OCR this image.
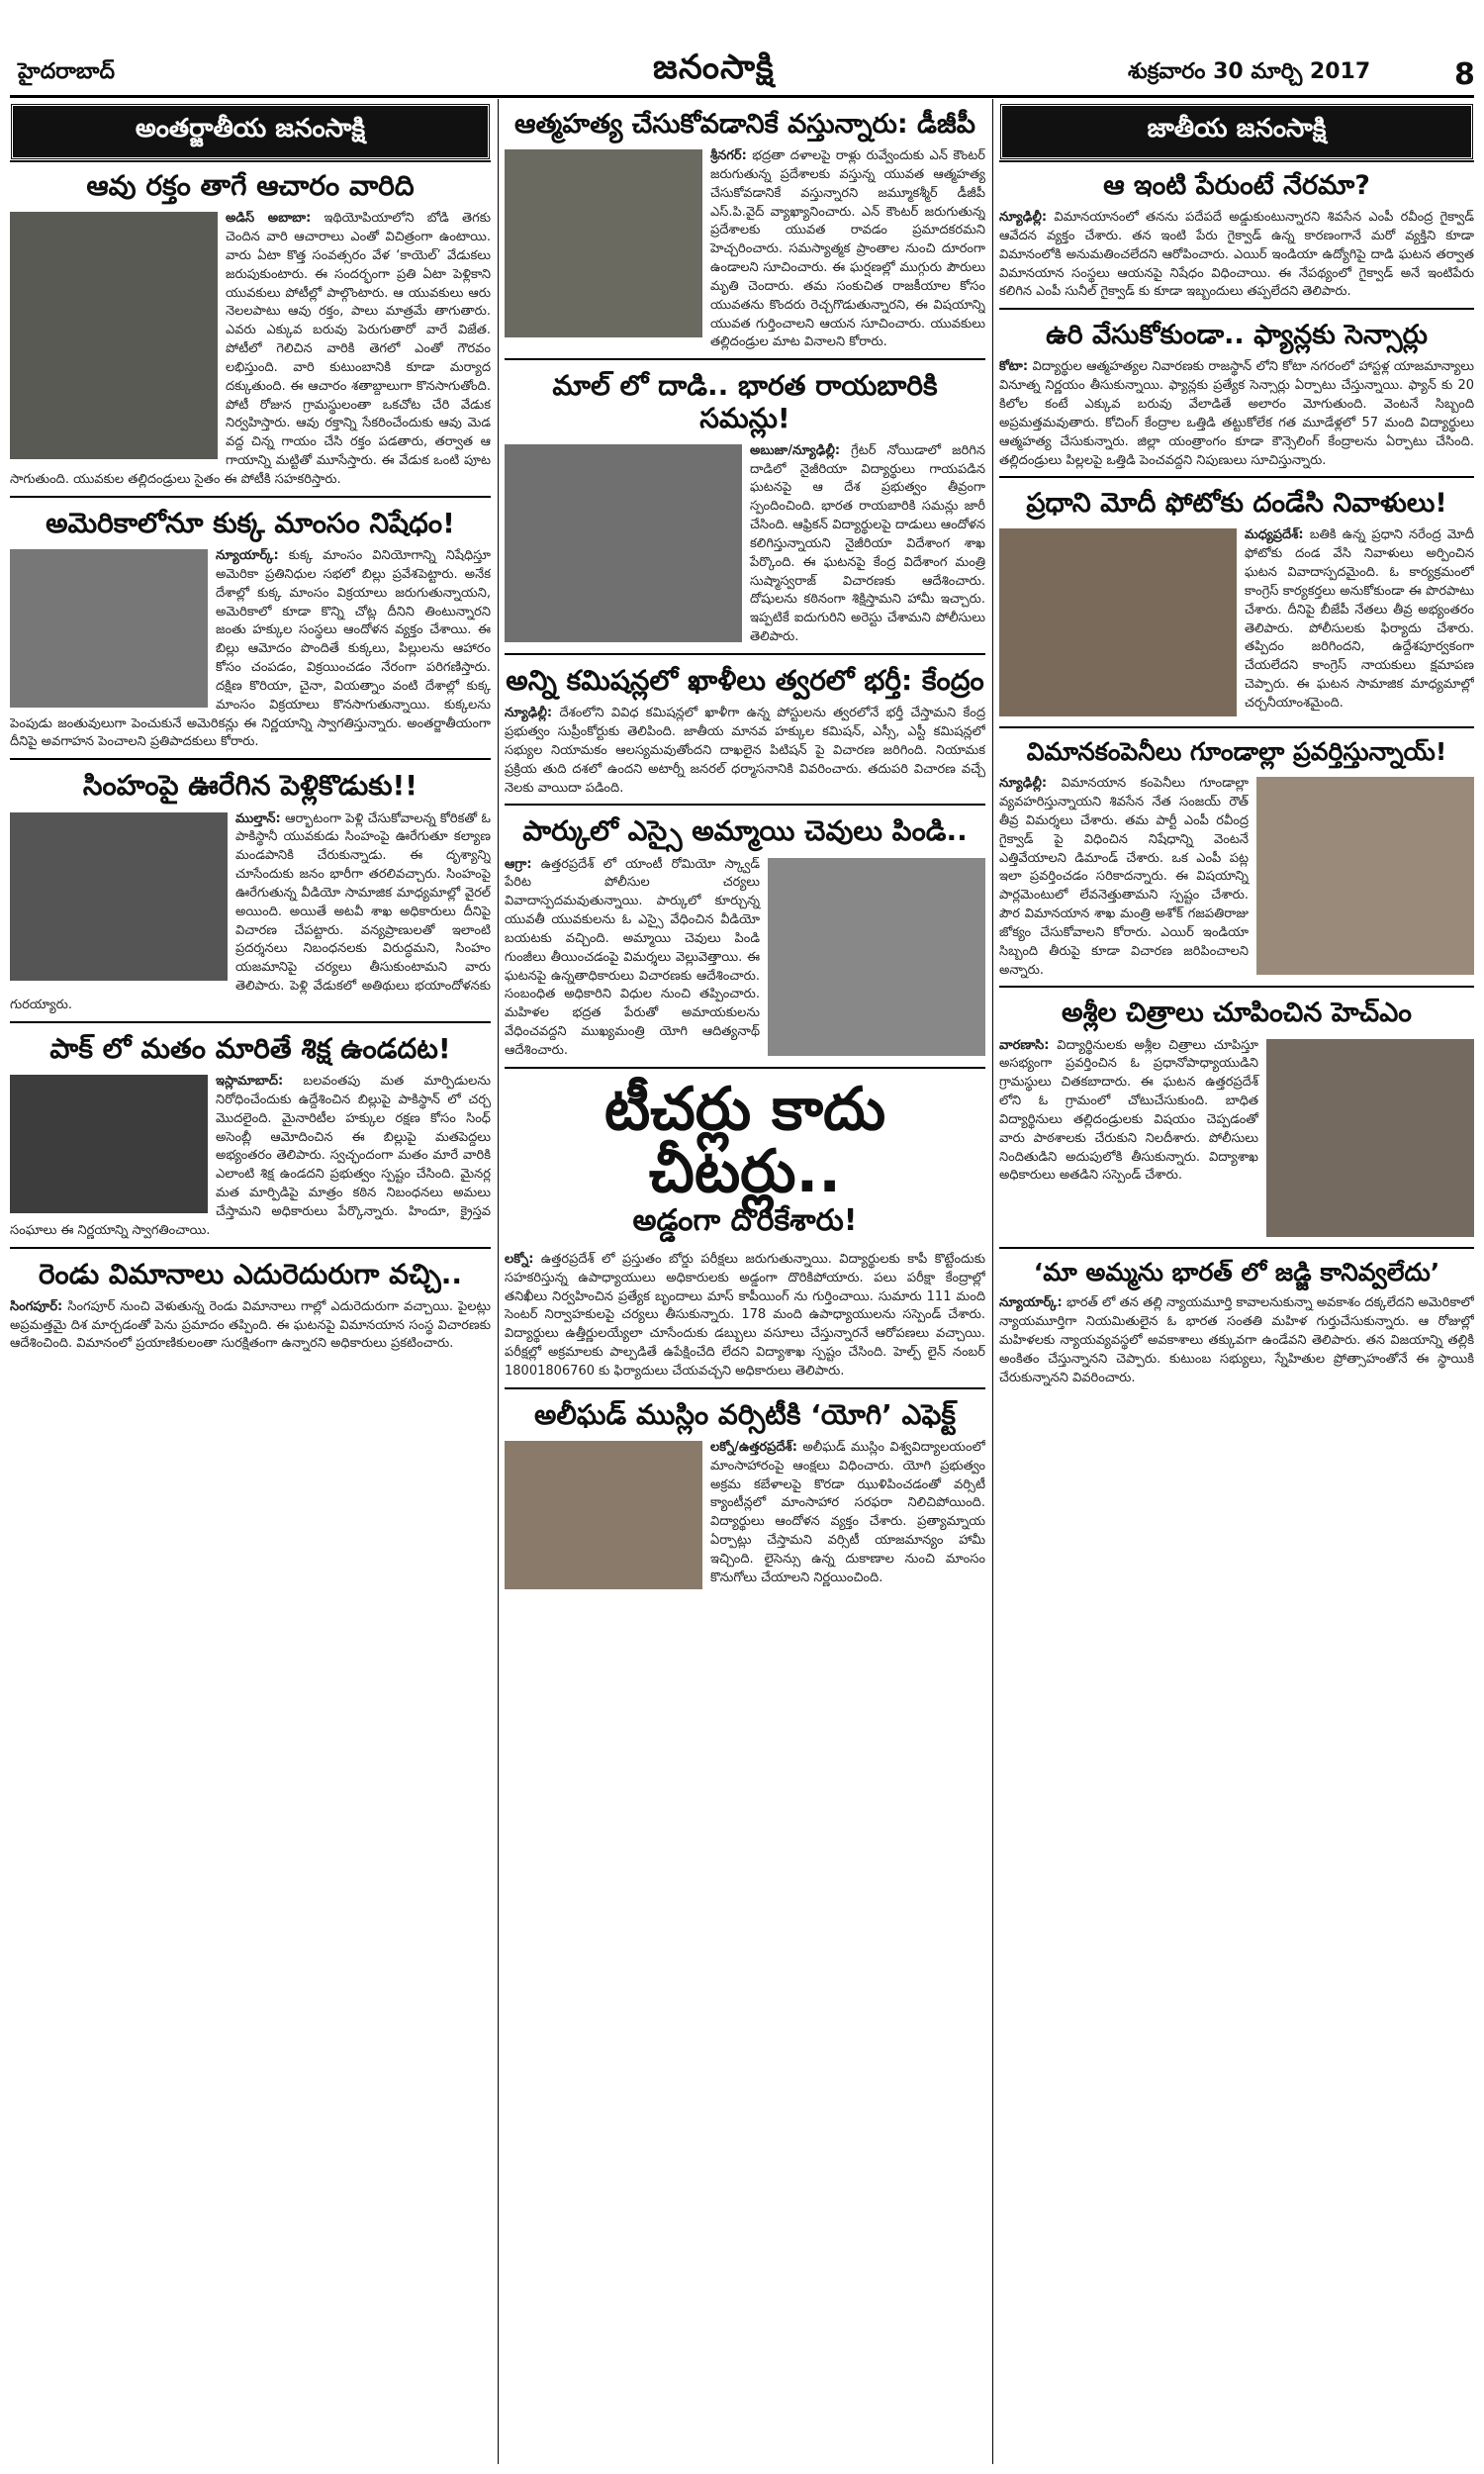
హైదరాబాద్	జనంసాక్షి	శుక్రవారం 30 మార్చి 2017	8
అంతర్జాతీయ జనంసాక్షి
ఆవు రక్తం తాగే ఆచారం వారిది

అడిస్ అబాబా: ఇథియోపియాలోని బోడి తెగకు చెందిన వారి ఆచారాలు ఎంతో విచిత్రంగా ఉంటాయి. వారు ఏటా కొత్త సంవత్సరం వేళ ‘కాయెల్’ వేడుకలు జరుపుకుంటారు. ఈ సందర్భంగా ప్రతి ఏటా పెళ్లికాని యువకులు పోటీల్లో పాల్గొంటారు. ఆ యువకులు ఆరు నెలలపాటు ఆవు రక్తం, పాలు మాత్రమే తాగుతారు. ఎవరు ఎక్కువ బరువు పెరుగుతారో వారే విజేత. పోటీలో గెలిచిన వారికి తెగలో ఎంతో గౌరవం లభిస్తుంది. వారి కుటుంబానికి కూడా మర్యాద దక్కుతుంది. ఈ ఆచారం శతాబ్దాలుగా కొనసాగుతోంది. పోటీ రోజున గ్రామస్థులంతా ఒకచోట చేరి వేడుక నిర్వహిస్తారు. ఆవు రక్తాన్ని సేకరించేందుకు ఆవు మెడ వద్ద చిన్న గాయం చేసి రక్తం పడతారు, తర్వాత ఆ గాయాన్ని మట్టితో మూసేస్తారు. ఈ వేడుక ఒంటి పూట సాగుతుంది. యువకుల తల్లిదండ్రులు సైతం ఈ పోటీకి సహకరిస్తారు.

అమెరికాలోనూ కుక్క మాంసం నిషేధం!

న్యూయార్క్: కుక్క మాంసం వినియోగాన్ని నిషేధిస్తూ అమెరికా ప్రతినిధుల సభలో బిల్లు ప్రవేశపెట్టారు. అనేక దేశాల్లో కుక్క మాంసం విక్రయాలు జరుగుతున్నాయని, అమెరికాలో కూడా కొన్ని చోట్ల దీనిని తింటున్నారని జంతు హక్కుల సంస్థలు ఆందోళన వ్యక్తం చేశాయి. ఈ బిల్లు ఆమోదం పొందితే కుక్కలు, పిల్లులను ఆహారం కోసం చంపడం, విక్రయించడం నేరంగా పరిగణిస్తారు. దక్షిణ కొరియా, చైనా, వియత్నాం వంటి దేశాల్లో కుక్క మాంసం విక్రయాలు కొనసాగుతున్నాయి. కుక్కలను పెంపుడు జంతువులుగా పెంచుకునే అమెరికన్లు ఈ నిర్ణయాన్ని స్వాగతిస్తున్నారు. అంతర్జాతీయంగా దీనిపై అవగాహన పెంచాలని ప్రతిపాదకులు కోరారు.

సింహంపై ఊరేగిన పెళ్లికొడుకు!!

ముల్తాన్: ఆర్భాటంగా పెళ్లి చేసుకోవాలన్న కోరికతో ఓ పాకిస్థానీ యువకుడు సింహంపై ఊరేగుతూ కల్యాణ మండపానికి చేరుకున్నాడు. ఈ దృశ్యాన్ని చూసేందుకు జనం భారీగా తరలివచ్చారు. సింహంపై ఊరేగుతున్న వీడియో సామాజిక మాధ్యమాల్లో వైరల్ అయింది. అయితే అటవీ శాఖ అధికారులు దీనిపై విచారణ చేపట్టారు. వన్యప్రాణులతో ఇలాంటి ప్రదర్శనలు నిబంధనలకు విరుద్ధమని, సింహం యజమానిపై చర్యలు తీసుకుంటామని వారు తెలిపారు. పెళ్లి వేడుకలో అతిథులు భయాందోళనకు గురయ్యారు.

పాక్ లో మతం మారితే శిక్ష ఉండదట!

ఇస్లామాబాద్: బలవంతపు మత మార్పిడులను నిరోధించేందుకు ఉద్దేశించిన బిల్లుపై పాకిస్థాన్ లో చర్చ మొదలైంది. మైనారిటీల హక్కుల రక్షణ కోసం సింధ్ అసెంబ్లీ ఆమోదించిన ఈ బిల్లుపై మతపెద్దలు అభ్యంతరం తెలిపారు. స్వచ్ఛందంగా మతం మారే వారికి ఎలాంటి శిక్ష ఉండదని ప్రభుత్వం స్పష్టం చేసింది. మైనర్ల మత మార్పిడిపై మాత్రం కఠిన నిబంధనలు అమలు చేస్తామని అధికారులు పేర్కొన్నారు. హిందూ, క్రైస్తవ సంఘాలు ఈ నిర్ణయాన్ని స్వాగతించాయి.

రెండు విమానాలు ఎదురెదురుగా వచ్చి..

సింగపూర్: సింగపూర్ నుంచి వెళుతున్న రెండు విమానాలు గాల్లో ఎదురెదురుగా వచ్చాయి. పైలట్లు అప్రమత్తమై దిశ మార్చడంతో పెను ప్రమాదం తప్పింది. ఈ ఘటనపై విమానయాన సంస్థ విచారణకు ఆదేశించింది. విమానంలో ప్రయాణికులంతా సురక్షితంగా ఉన్నారని అధికారులు ప్రకటించారు.

ఆత్మహత్య చేసుకోవడానికే వస్తున్నారు: డీజీపీ

శ్రీనగర్: భద్రతా దళాలపై రాళ్లు రువ్వేందుకు ఎన్ కౌంటర్ జరుగుతున్న ప్రదేశాలకు వస్తున్న యువత ఆత్మహత్య చేసుకోవడానికే వస్తున్నారని జమ్మూకశ్మీర్ డీజీపీ ఎస్.పి.వైద్ వ్యాఖ్యానించారు. ఎన్ కౌంటర్ జరుగుతున్న ప్రదేశాలకు యువత రావడం ప్రమాదకరమని హెచ్చరించారు. సమస్యాత్మక ప్రాంతాల నుంచి దూరంగా ఉండాలని సూచించారు. ఈ ఘర్షణల్లో ముగ్గురు పౌరులు మృతి చెందారు. తమ సంకుచిత రాజకీయాల కోసం యువతను కొందరు రెచ్చగొడుతున్నారని, ఈ విషయాన్ని యువత గుర్తించాలని ఆయన సూచించారు. యువకులు తల్లిదండ్రుల మాట వినాలని కోరారు.

మాల్ లో దాడి.. భారత రాయబారికి సమన్లు!

అబుజా/న్యూఢిల్లీ: గ్రేటర్ నోయిడాలో జరిగిన దాడిలో నైజీరియా విద్యార్థులు గాయపడిన ఘటనపై ఆ దేశ ప్రభుత్వం తీవ్రంగా స్పందించింది. భారత రాయబారికి సమన్లు జారీ చేసింది. ఆఫ్రికన్ విద్యార్థులపై దాడులు ఆందోళన కలిగిస్తున్నాయని నైజీరియా విదేశాంగ శాఖ పేర్కొంది. ఈ ఘటనపై కేంద్ర విదేశాంగ మంత్రి సుష్మాస్వరాజ్ విచారణకు ఆదేశించారు. దోషులను కఠినంగా శిక్షిస్తామని హామీ ఇచ్చారు. ఇప్పటికే ఐదుగురిని అరెస్టు చేశామని పోలీసులు తెలిపారు.

అన్ని కమిషన్లలో ఖాళీలు త్వరలో భర్తీ: కేంద్రం

న్యూఢిల్లీ: దేశంలోని వివిధ కమిషన్లలో ఖాళీగా ఉన్న పోస్టులను త్వరలోనే భర్తీ చేస్తామని కేంద్ర ప్రభుత్వం సుప్రీంకోర్టుకు తెలిపింది. జాతీయ మానవ హక్కుల కమిషన్, ఎస్సీ, ఎస్టీ కమిషన్లలో సభ్యుల నియామకం ఆలస్యమవుతోందని దాఖలైన పిటిషన్ పై విచారణ జరిగింది. నియామక ప్రక్రియ తుది దశలో ఉందని అటార్నీ జనరల్ ధర్మాసనానికి వివరించారు. తదుపరి విచారణ వచ్చే నెలకు వాయిదా పడింది.

పార్కులో ఎస్సై అమ్మాయి చెవులు పిండి..

ఆగ్రా: ఉత్తరప్రదేశ్ లో యాంటీ రోమియో స్క్వాడ్ పేరిట పోలీసుల చర్యలు వివాదాస్పదమవుతున్నాయి. పార్కులో కూర్చున్న యువతీ యువకులను ఓ ఎస్సై వేధించిన వీడియో బయటకు వచ్చింది. అమ్మాయి చెవులు పిండి గుంజీలు తీయించడంపై విమర్శలు వెల్లువెత్తాయి. ఈ ఘటనపై ఉన్నతాధికారులు విచారణకు ఆదేశించారు. సంబంధిత అధికారిని విధుల నుంచి తప్పించారు. మహిళల భద్రత పేరుతో అమాయకులను వేధించవద్దని ముఖ్యమంత్రి యోగి ఆదిత్యనాథ్ ఆదేశించారు.

టీచర్లు కాదు చీటర్లు..
అడ్డంగా దొరికేశారు!

లక్నో: ఉత్తరప్రదేశ్ లో ప్రస్తుతం బోర్డు పరీక్షలు జరుగుతున్నాయి. విద్యార్థులకు కాపీ కొట్టేందుకు సహకరిస్తున్న ఉపాధ్యాయులు అధికారులకు అడ్డంగా దొరికిపోయారు. పలు పరీక్షా కేంద్రాల్లో తనిఖీలు నిర్వహించిన ప్రత్యేక బృందాలు మాస్ కాపీయింగ్ ను గుర్తించాయి. సుమారు 111 మంది సెంటర్ నిర్వాహకులపై చర్యలు తీసుకున్నారు. 178 మంది ఉపాధ్యాయులను సస్పెండ్ చేశారు. విద్యార్థులు ఉత్తీర్ణులయ్యేలా చూసేందుకు డబ్బులు వసూలు చేస్తున్నారనే ఆరోపణలు వచ్చాయి. పరీక్షల్లో అక్రమాలకు పాల్పడితే ఉపేక్షించేది లేదని విద్యాశాఖ స్పష్టం చేసింది. హెల్ప్ లైన్ నంబర్ 18001806760 కు ఫిర్యాదులు చేయవచ్చని అధికారులు తెలిపారు.

అలీఘడ్ ముస్లిం వర్సిటీకి ‘యోగి’ ఎఫెక్ట్

లక్నో/ఉత్తరప్రదేశ్: అలీఘడ్ ముస్లిం విశ్వవిద్యాలయంలో మాంసాహారంపై ఆంక్షలు విధించారు. యోగి ప్రభుత్వం అక్రమ కబేళాలపై కొరడా ఝుళిపించడంతో వర్సిటీ క్యాంటీన్లలో మాంసాహార సరఫరా నిలిచిపోయింది. విద్యార్థులు ఆందోళన వ్యక్తం చేశారు. ప్రత్యామ్నాయ ఏర్పాట్లు చేస్తామని వర్సిటీ యాజమాన్యం హామీ ఇచ్చింది. లైసెన్సు ఉన్న దుకాణాల నుంచి మాంసం కొనుగోలు చేయాలని నిర్ణయించింది.

జాతీయ జనంసాక్షి
ఆ ఇంటి పేరుంటే నేరమా?

న్యూఢిల్లీ: విమానయానంలో తనను పదేపదే అడ్డుకుంటున్నారని శివసేన ఎంపీ రవీంద్ర గైక్వాడ్ ఆవేదన వ్యక్తం చేశారు. తన ఇంటి పేరు గైక్వాడ్ ఉన్న కారణంగానే మరో వ్యక్తిని కూడా విమానంలోకి అనుమతించలేదని ఆరోపించారు. ఎయిర్ ఇండియా ఉద్యోగిపై దాడి ఘటన తర్వాత విమానయాన సంస్థలు ఆయనపై నిషేధం విధించాయి. ఈ నేపథ్యంలో గైక్వాడ్ అనే ఇంటిపేరు కలిగిన ఎంపీ సునీల్ గైక్వాడ్ కు కూడా ఇబ్బందులు తప్పలేదని తెలిపారు.

ఉరి వేసుకోకుండా.. ఫ్యాన్లకు సెన్సార్లు

కోటా: విద్యార్థుల ఆత్మహత్యల నివారణకు రాజస్థాన్ లోని కోటా నగరంలో హాస్టళ్ల యాజమాన్యాలు వినూత్న నిర్ణయం తీసుకున్నాయి. ఫ్యాన్లకు ప్రత్యేక సెన్సార్లు ఏర్పాటు చేస్తున్నాయి. ఫ్యాన్ కు 20 కిలోల కంటే ఎక్కువ బరువు వేలాడితే అలారం మోగుతుంది. వెంటనే సిబ్బంది అప్రమత్తమవుతారు. కోచింగ్ కేంద్రాల ఒత్తిడి తట్టుకోలేక గత మూడేళ్లలో 57 మంది విద్యార్థులు ఆత్మహత్య చేసుకున్నారు. జిల్లా యంత్రాంగం కూడా కౌన్సెలింగ్ కేంద్రాలను ఏర్పాటు చేసింది. తల్లిదండ్రులు పిల్లలపై ఒత్తిడి పెంచవద్దని నిపుణులు సూచిస్తున్నారు.

ప్రధాని మోదీ ఫోటోకు దండేసి నివాళులు!

మధ్యప్రదేశ్: బతికి ఉన్న ప్రధాని నరేంద్ర మోదీ ఫోటోకు దండ వేసి నివాళులు అర్పించిన ఘటన వివాదాస్పదమైంది. ఓ కార్యక్రమంలో కాంగ్రెస్ కార్యకర్తలు అనుకోకుండా ఈ పొరపాటు చేశారు. దీనిపై బీజేపీ నేతలు తీవ్ర అభ్యంతరం తెలిపారు. పోలీసులకు ఫిర్యాదు చేశారు. తప్పిదం జరిగిందని, ఉద్దేశపూర్వకంగా చేయలేదని కాంగ్రెస్ నాయకులు క్షమాపణ చెప్పారు. ఈ ఘటన సామాజిక మాధ్యమాల్లో చర్చనీయాంశమైంది.

విమానకంపెనీలు గూండాల్లా ప్రవర్తిస్తున్నాయ్!

న్యూఢిల్లీ: విమానయాన కంపెనీలు గూండాల్లా వ్యవహరిస్తున్నాయని శివసేన నేత సంజయ్ రౌత్ తీవ్ర విమర్శలు చేశారు. తమ పార్టీ ఎంపీ రవీంద్ర గైక్వాడ్ పై విధించిన నిషేధాన్ని వెంటనే ఎత్తివేయాలని డిమాండ్ చేశారు. ఒక ఎంపీ పట్ల ఇలా ప్రవర్తించడం సరికాదన్నారు. ఈ విషయాన్ని పార్లమెంటులో లేవనెత్తుతామని స్పష్టం చేశారు. పౌర విమానయాన శాఖ మంత్రి అశోక్ గజపతిరాజు జోక్యం చేసుకోవాలని కోరారు. ఎయిర్ ఇండియా సిబ్బంది తీరుపై కూడా విచారణ జరిపించాలని అన్నారు.

అశ్లీల చిత్రాలు చూపించిన హెచ్ఎం

వారణాసి: విద్యార్థినులకు అశ్లీల చిత్రాలు చూపిస్తూ అసభ్యంగా ప్రవర్తించిన ఓ ప్రధానోపాధ్యాయుడిని గ్రామస్థులు చితకబాదారు. ఈ ఘటన ఉత్తరప్రదేశ్ లోని ఓ గ్రామంలో చోటుచేసుకుంది. బాధిత విద్యార్థినులు తల్లిదండ్రులకు విషయం చెప్పడంతో వారు పాఠశాలకు చేరుకుని నిలదీశారు. పోలీసులు నిందితుడిని అదుపులోకి తీసుకున్నారు. విద్యాశాఖ అధికారులు అతడిని సస్పెండ్ చేశారు.

‘మా అమ్మను భారత్ లో జడ్జి కానివ్వలేదు’

న్యూయార్క్: భారత్ లో తన తల్లి న్యాయమూర్తి కావాలనుకున్నా అవకాశం దక్కలేదని అమెరికాలో న్యాయమూర్తిగా నియమితులైన ఓ భారత సంతతి మహిళ గుర్తుచేసుకున్నారు. ఆ రోజుల్లో మహిళలకు న్యాయవ్యవస్థలో అవకాశాలు తక్కువగా ఉండేవని తెలిపారు. తన విజయాన్ని తల్లికి అంకితం చేస్తున్నానని చెప్పారు. కుటుంబ సభ్యులు, స్నేహితుల ప్రోత్సాహంతోనే ఈ స్థాయికి చేరుకున్నానని వివరించారు.
